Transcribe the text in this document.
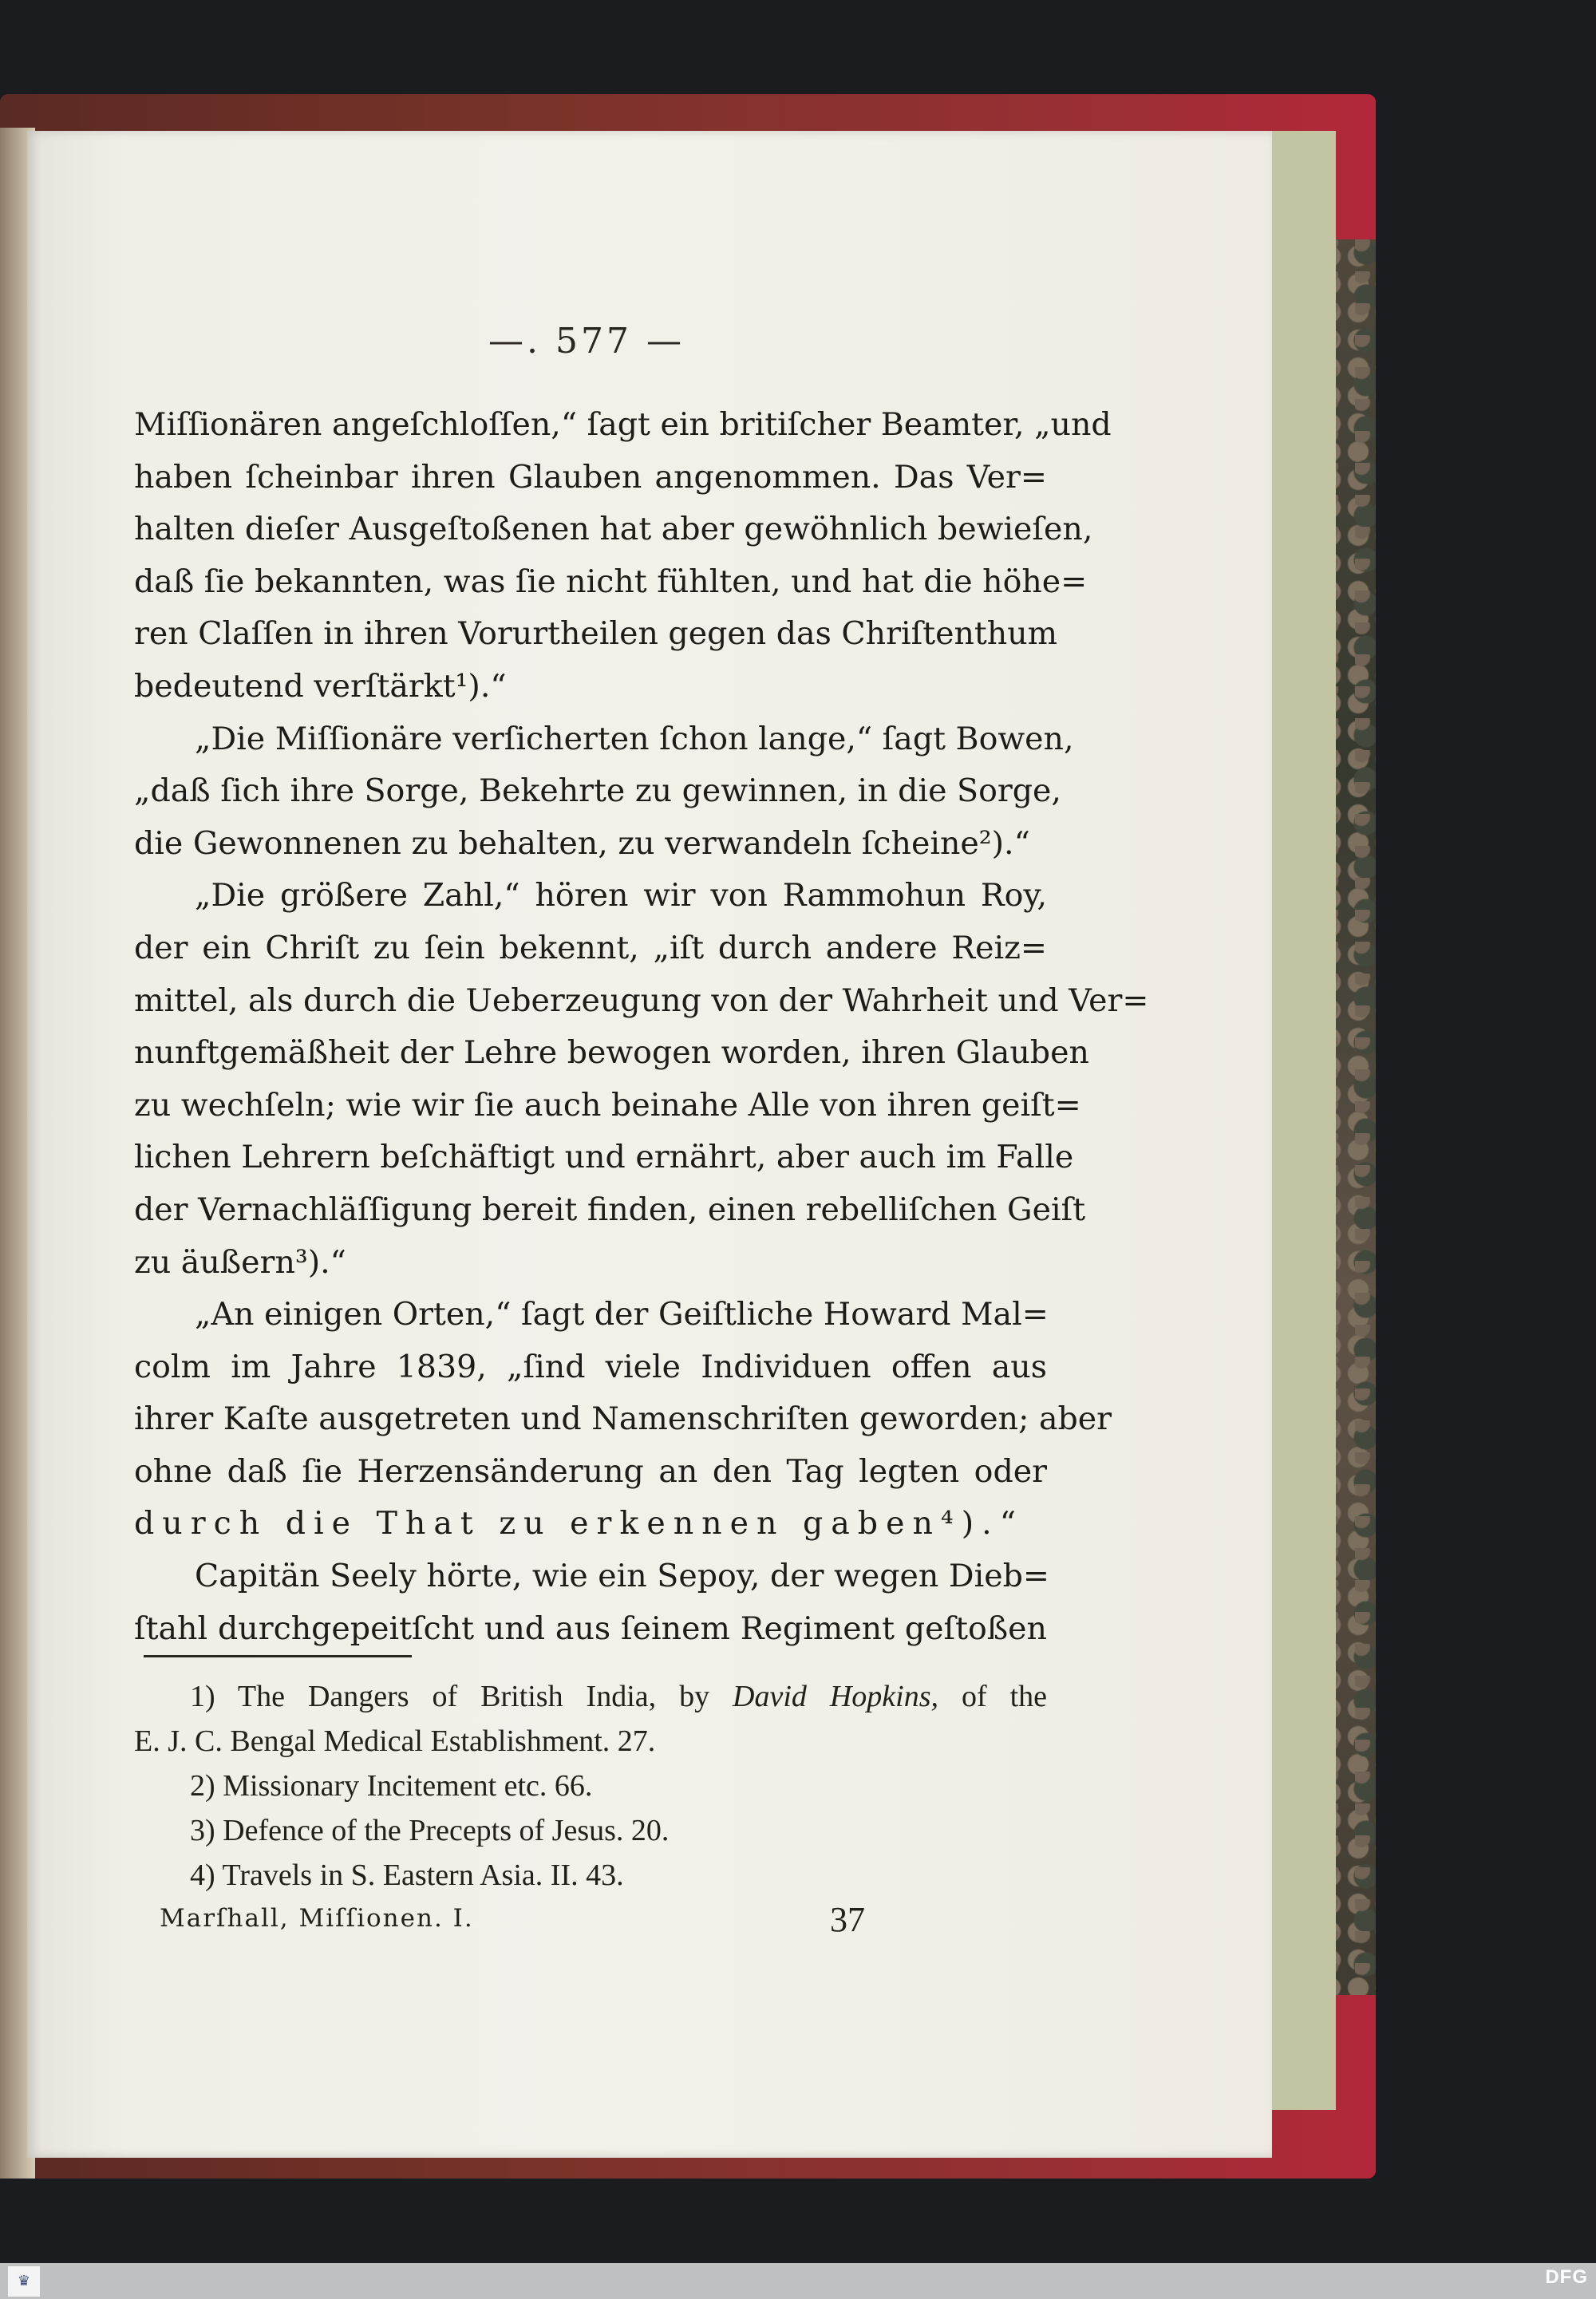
—. 577 —
Miſſionären angeſchloſſen,“ ſagt ein britiſcher Beamter, „und
haben ſcheinbar ihren Glauben angenommen. Das Ver=
halten dieſer Ausgeſtoßenen hat aber gewöhnlich bewieſen,
daß ſie bekannten, was ſie nicht fühlten, und hat die höhe=
ren Claſſen in ihren Vorurtheilen gegen das Chriſtenthum
bedeutend verſtärkt¹).“
„Die Miſſionäre verſicherten ſchon lange,“ ſagt Bowen,
„daß ſich ihre Sorge, Bekehrte zu gewinnen, in die Sorge,
die Gewonnenen zu behalten, zu verwandeln ſcheine²).“
„Die größere Zahl,“ hören wir von Rammohun Roy,
der ein Chriſt zu ſein bekennt, „iſt durch andere Reiz=
mittel, als durch die Ueberzeugung von der Wahrheit und Ver=
nunftgemäßheit der Lehre bewogen worden, ihren Glauben
zu wechſeln; wie wir ſie auch beinahe Alle von ihren geiſt=
lichen Lehrern beſchäftigt und ernährt, aber auch im Falle
der Vernachläſſigung bereit finden, einen rebelliſchen Geiſt
zu äußern³).“
„An einigen Orten,“ ſagt der Geiſtliche Howard Mal=
colm im Jahre 1839, „ſind viele Individuen offen aus
ihrer Kaſte ausgetreten und Namenschriſten geworden; aber
ohne daß ſie Herzensänderung an den Tag legten oder
durch die That zu erkennen gaben⁴).“
Capitän Seely hörte, wie ein Sepoy, der wegen Dieb=
ſtahl durchgepeitſcht und aus ſeinem Regiment geſtoßen
1) The Dangers of British India, by David Hopkins, of the
E. J. C. Bengal Medical Establishment. 27.
2) Missionary Incitement etc. 66.
3) Defence of the Precepts of Jesus. 20.
4) Travels in S. Eastern Asia. II. 43.
Marſhall, Miſſionen. I.	37
♛	DFG
